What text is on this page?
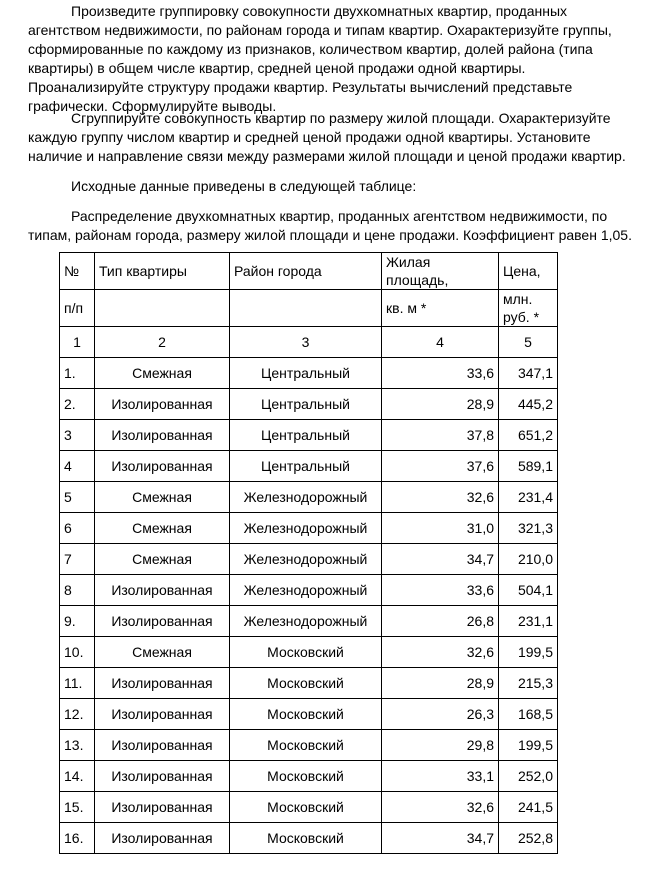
Произведите группировку совокупности двухкомнатных квартир, проданных агентством недвижимости, по районам города и типам квартир. Охарактеризуйте группы, сформированные по каждому из признаков, количеством квартир, долей района (типа квартиры) в общем числе квартир, средней ценой продажи одной квартиры. Проанализируйте структуру продажи квартир. Результаты вычислений представьте графически. Сформулируйте выводы.

Сгруппируйте совокупность квартир по размеру жилой площади. Охарактеризуйте каждую группу числом квартир и средней ценой продажи одной квартиры. Установите наличие и направление связи между размерами жилой площади и ценой продажи квартир.

Исходные данные приведены в следующей таблице:

Распределение двухкомнатных квартир, проданных агентством недвижимости, по типам, районам города, размеру жилой площади и цене продажи. Коэффициент равен 1,05.

№	Тип квартиры	Район города	Жилая площадь,	Цена,
п/п			кв. м *	млн. руб. *
1	2	3	4	5
1.	Смежная	Центральный	33,6	347,1
2.	Изолированная	Центральный	28,9	445,2
3	Изолированная	Центральный	37,8	651,2
4	Изолированная	Центральный	37,6	589,1
5	Смежная	Железнодорожный	32,6	231,4
6	Смежная	Железнодорожный	31,0	321,3
7	Смежная	Железнодорожный	34,7	210,0
8	Изолированная	Железнодорожный	33,6	504,1
9.	Изолированная	Железнодорожный	26,8	231,1
10.	Смежная	Московский	32,6	199,5
11.	Изолированная	Московский	28,9	215,3
12.	Изолированная	Московский	26,3	168,5
13.	Изолированная	Московский	29,8	199,5
14.	Изолированная	Московский	33,1	252,0
15.	Изолированная	Московский	32,6	241,5
16.	Изолированная	Московский	34,7	252,8
